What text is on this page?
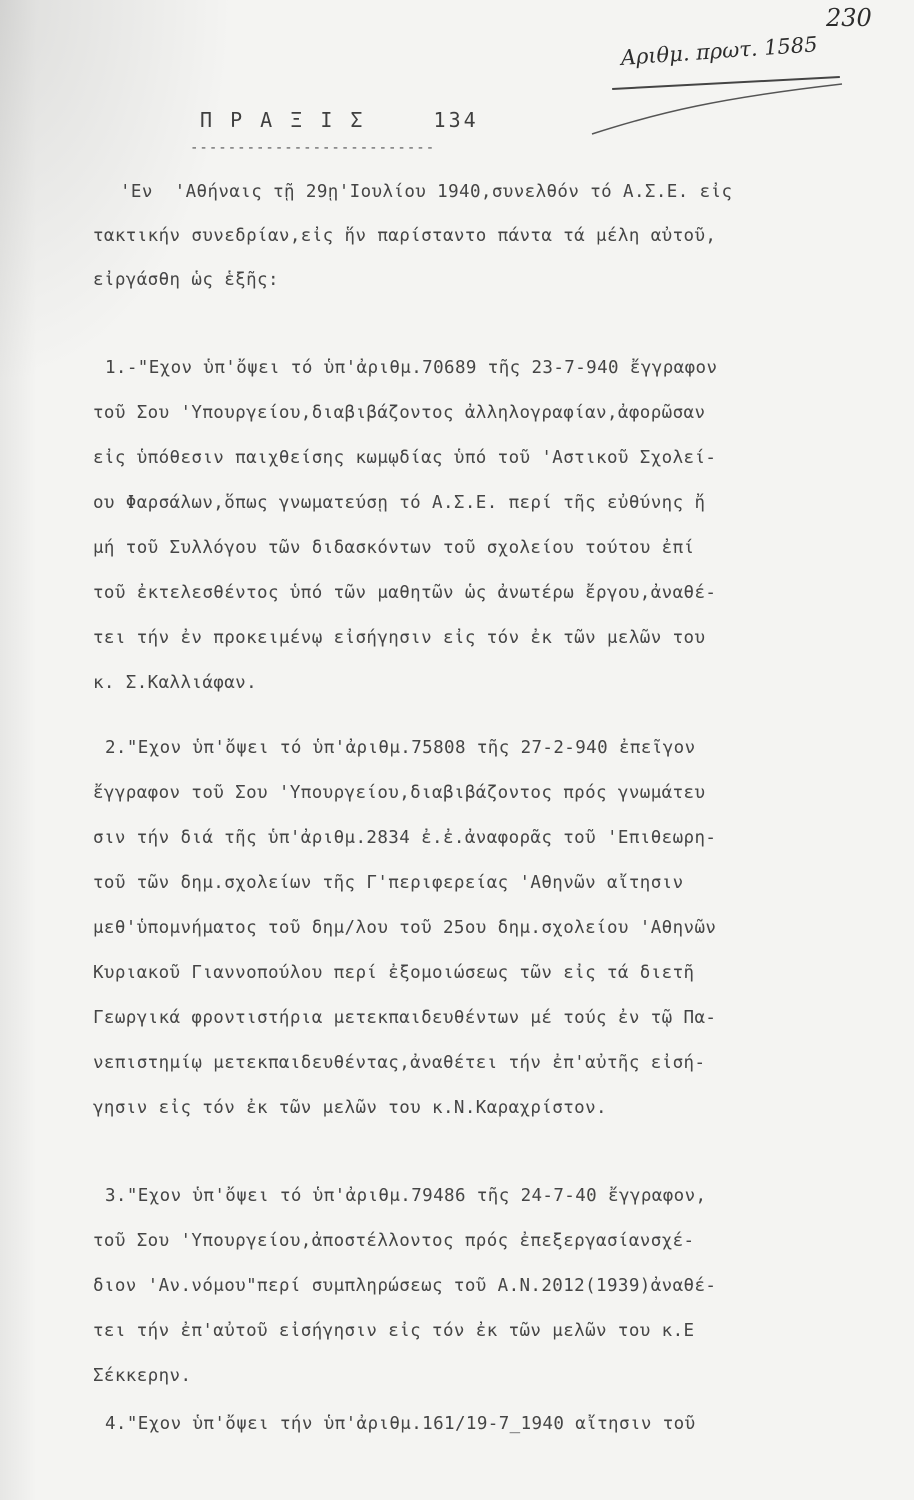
230
Αριθμ. πρωτ. 1585
Π Ρ Α Ξ Ι Σ	134
--------------------------
'Εν  'Αθήναις τῇ 29ῃ'Ιουλίου 1940,συνελθόν τό Α.Σ.Ε. εἰς
τακτικήν συνεδρίαν,εἰς ἥν παρίσταντο πάντα τά μέλη αὐτοῦ,
εἰργάσθη ὡς ἑξῆς:
1.-"Εχον ὑπ'ὄψει τό ὑπ'ἀριθμ.70689 τῆς 23-7-940 ἔγγραφον
τοῦ Σου 'Υπουργείου,διαβιβάζοντος ἀλληλογραφίαν,ἀφορῶσαν
εἰς ὑπόθεσιν παιχθείσης κωμῳδίας ὑπό τοῦ 'Αστικοῦ Σχολεί-
ου Φαρσάλων,ὅπως γνωματεύσῃ τό Α.Σ.Ε. περί τῆς εὐθύνης ἤ
μή τοῦ Συλλόγου τῶν διδασκόντων τοῦ σχολείου τούτου ἐπί
τοῦ ἐκτελεσθέντος ὑπό τῶν μαθητῶν ὡς ἀνωτέρω ἔργου,ἀναθέ-
τει τήν ἐν προκειμένῳ εἰσήγησιν εἰς τόν ἐκ τῶν μελῶν του
κ. Σ.Καλλιάφαν.
2."Εχον ὑπ'ὄψει τό ὑπ'ἀριθμ.75808 τῆς 27-2-940 ἐπεῖγον
ἔγγραφον τοῦ Σου 'Υπουργείου,διαβιβάζοντος πρός γνωμάτευ
σιν τήν διά τῆς ὑπ'ἀριθμ.2834 ἐ.ἐ.ἀναφορᾶς τοῦ 'Επιθεωρη-
τοῦ τῶν δημ.σχολείων τῆς Γ'περιφερείας 'Αθηνῶν αἴτησιν
μεθ'ὑπομνήματος τοῦ δημ/λου τοῦ 25ου δημ.σχολείου 'Αθηνῶν
Κυριακοῦ Γιαννοπούλου περί ἐξομοιώσεως τῶν εἰς τά διετῆ
Γεωργικά φροντιστήρια μετεκπαιδευθέντων μέ τούς ἐν τῷ Πα-
νεπιστημίῳ μετεκπαιδευθέντας,ἀναθέτει τήν ἐπ'αὐτῆς εἰσή-
γησιν εἰς τόν ἐκ τῶν μελῶν του κ.Ν.Καραχρίστον.
3."Εχον ὑπ'ὄψει τό ὑπ'ἀριθμ.79486 τῆς 24-7-40 ἔγγραφον,
τοῦ Σου 'Υπουργείου,ἀποστέλλοντος πρός ἐπεξεργασίανσχέ-
διον 'Αν.νόμου"περί συμπληρώσεως τοῦ Α.Ν.2012(1939)ἀναθέ-
τει τήν ἐπ'αὐτοῦ εἰσήγησιν εἰς τόν ἐκ τῶν μελῶν του κ.Ε
Σέκκερην.
4."Εχον ὑπ'ὄψει τήν ὑπ'ἀριθμ.161/19-7_1940 αἴτησιν τοῦ
